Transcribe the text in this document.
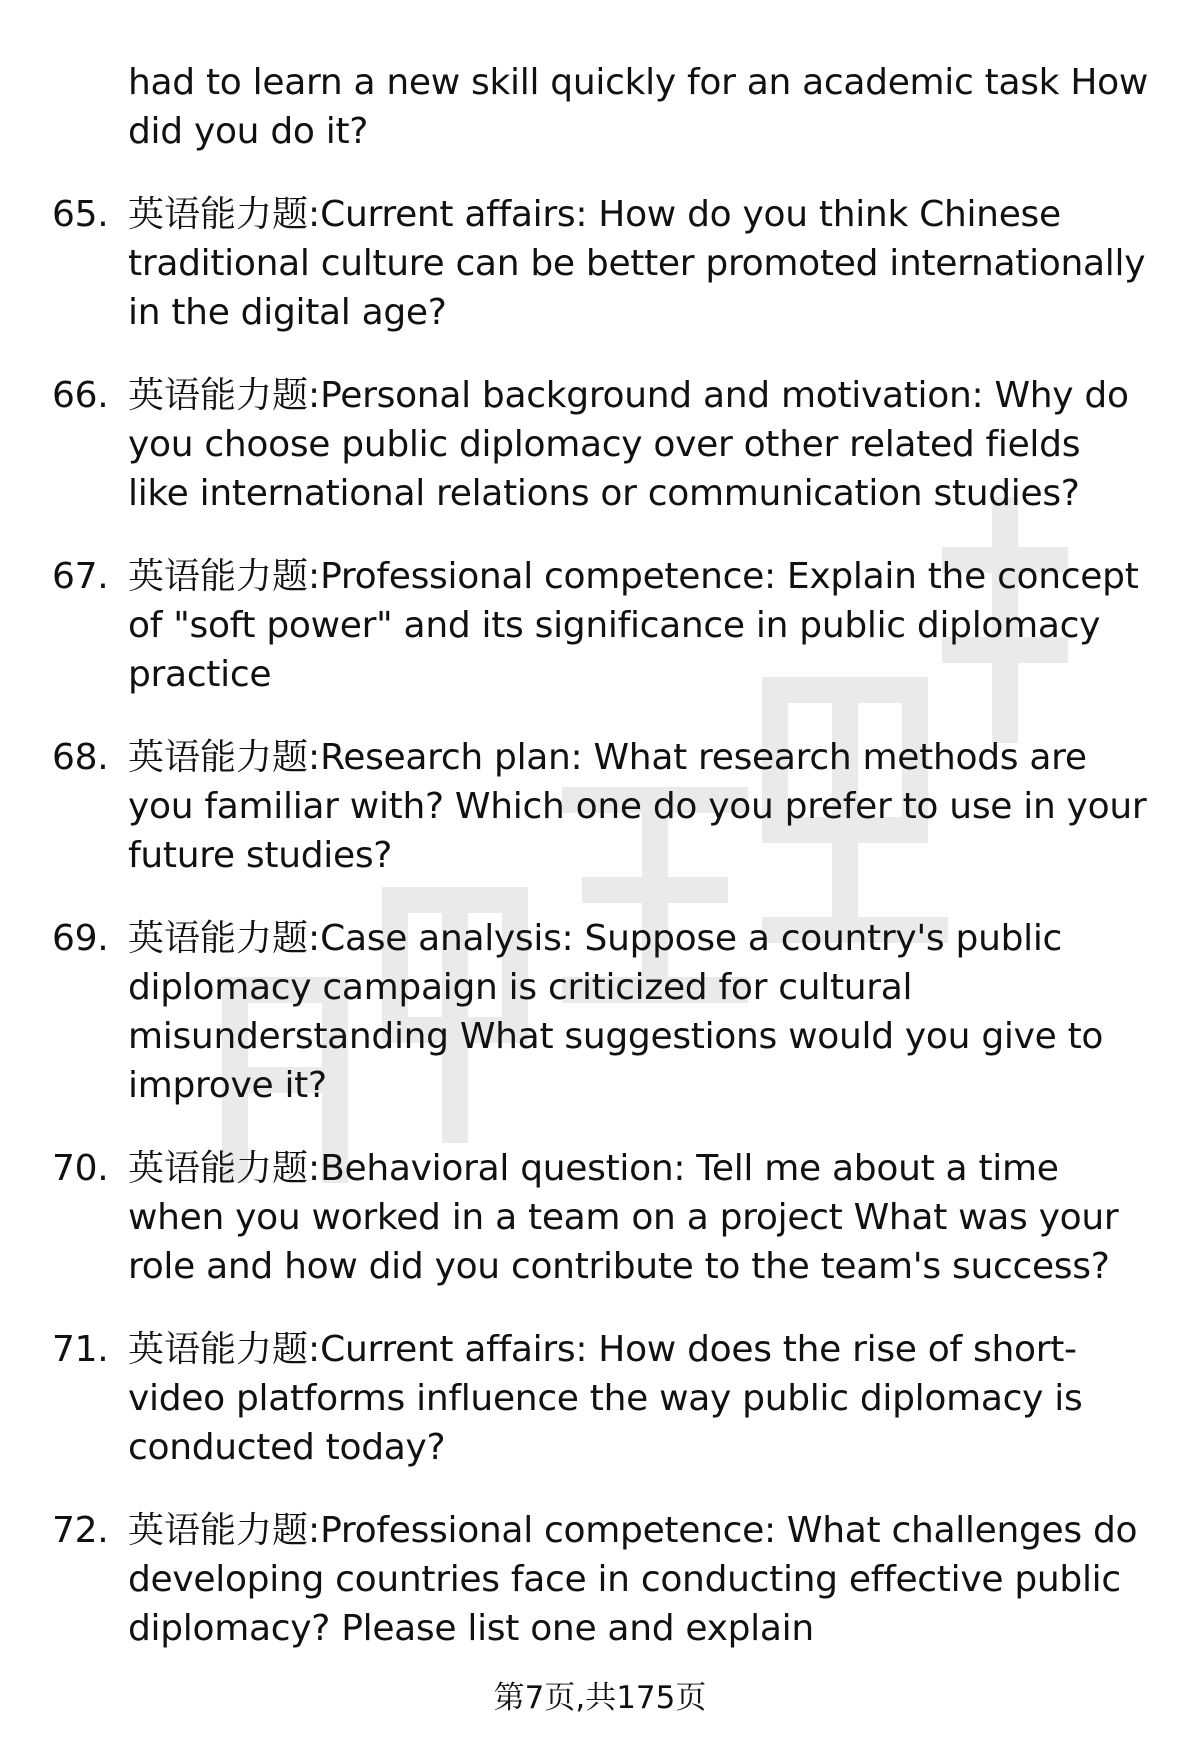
had to learn a new skill quickly for an academic task How did you do it?
65. 英语能力题:Current affairs: How do you think Chinese traditional culture can be better promoted internationally in the digital age?
66. 英语能力题:Personal background and motivation: Why do you choose public diplomacy over other related fields like international relations or communication studies?
67. 英语能力题:Professional competence: Explain the concept of "soft power" and its significance in public diplomacy practice
68. 英语能力题:Research plan: What research methods are you familiar with? Which one do you prefer to use in your future studies?
69. 英语能力题:Case analysis: Suppose a country's public diplomacy campaign is criticized for cultural misunderstanding What suggestions would you give to improve it?
70. 英语能力题:Behavioral question: Tell me about a time when you worked in a team on a project What was your role and how did you contribute to the team's success?
71. 英语能力题:Current affairs: How does the rise of short-video platforms influence the way public diplomacy is conducted today?
72. 英语能力题:Professional competence: What challenges do developing countries face in conducting effective public diplomacy? Please list one and explain
第7页,共175页
